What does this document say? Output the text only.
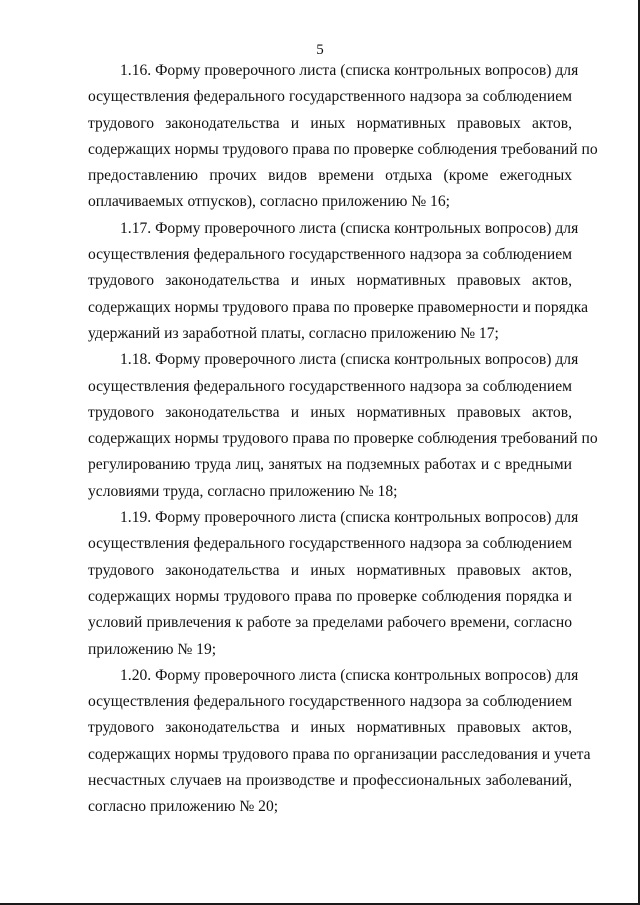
5
1.16. Форму проверочного листа (списка контрольных вопросов) для
осуществления федерального государственного надзора за соблюдением
трудового законодательства и иных нормативных правовых актов,
содержащих нормы трудового права по проверке соблюдения требований по
предоставлению прочих видов времени отдыха (кроме ежегодных
оплачиваемых отпусков), согласно приложению № 16;
1.17. Форму проверочного листа (списка контрольных вопросов) для
осуществления федерального государственного надзора за соблюдением
трудового законодательства и иных нормативных правовых актов,
содержащих нормы трудового права по проверке правомерности и порядка
удержаний из заработной платы, согласно приложению № 17;
1.18. Форму проверочного листа (списка контрольных вопросов) для
осуществления федерального государственного надзора за соблюдением
трудового законодательства и иных нормативных правовых актов,
содержащих нормы трудового права по проверке соблюдения требований по
регулированию труда лиц, занятых на подземных работах и с вредными
условиями труда, согласно приложению № 18;
1.19. Форму проверочного листа (списка контрольных вопросов) для
осуществления федерального государственного надзора за соблюдением
трудового законодательства и иных нормативных правовых актов,
содержащих нормы трудового права по проверке соблюдения порядка и
условий привлечения к работе за пределами рабочего времени, согласно
приложению № 19;
1.20. Форму проверочного листа (списка контрольных вопросов) для
осуществления федерального государственного надзора за соблюдением
трудового законодательства и иных нормативных правовых актов,
содержащих нормы трудового права по организации расследования и учета
несчастных случаев на производстве и профессиональных заболеваний,
согласно приложению № 20;
